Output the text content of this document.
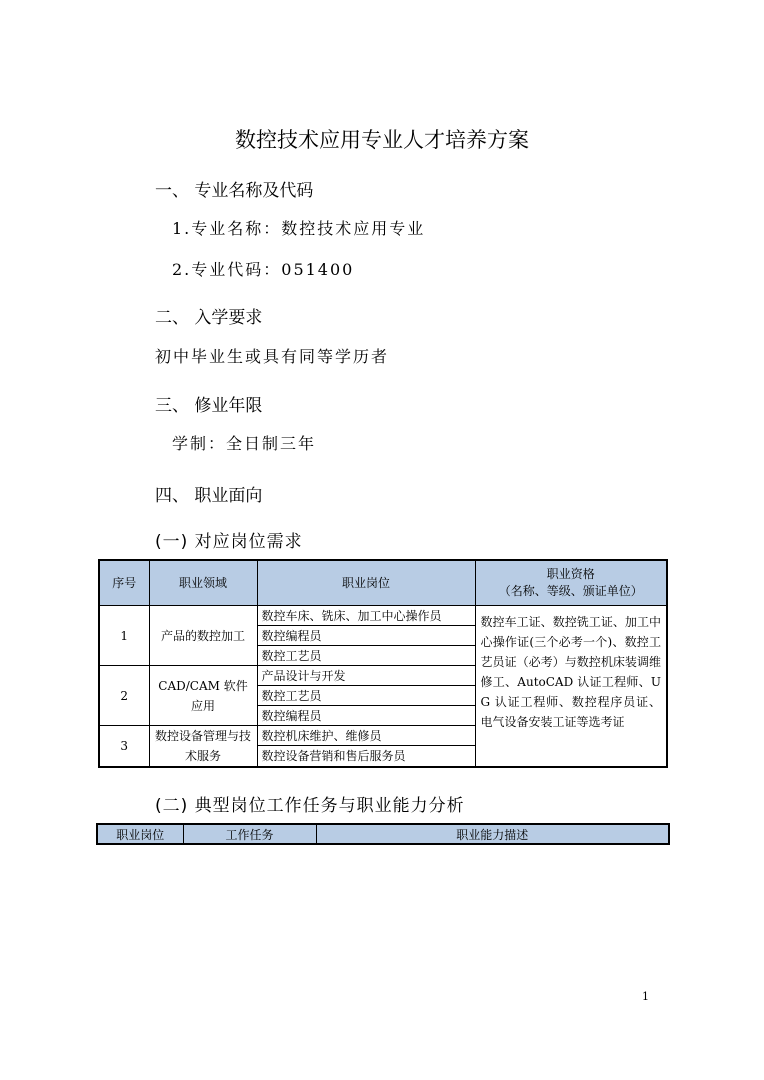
数控技术应用专业人才培养方案
一、 专业名称及代码
1.专业名称：数控技术应用专业
2.专业代码：051400
二、 入学要求
初中毕业生或具有同等学历者
三、 修业年限
学制：全日制三年
四、 职业面向
(一) 对应岗位需求
序号	职业领域	职业岗位	职业资格
（名称、等级、颁证单位）

1	产品的数控加工	数控车床、铣床、加工中心操作员	数控车工证、数控铣工证、加工中心操作证(三个必考一个)、数控工艺员证（必考）与数控机床装调维修工、AutoCAD 认证工程师、UG 认证工程师、数控程序员证、电气设备安装工证等选考证
		数控编程员	
		数控工艺员	
2	CAD/CAM 软件应用	产品设计与开发	
		数控工艺员	
		数控编程员	
3	数控设备管理与技术服务	数控机床维护、维修员	
		数控设备营销和售后服务员	
(二) 典型岗位工作任务与职业能力分析
职业岗位	工作任务	职业能力描述
1
